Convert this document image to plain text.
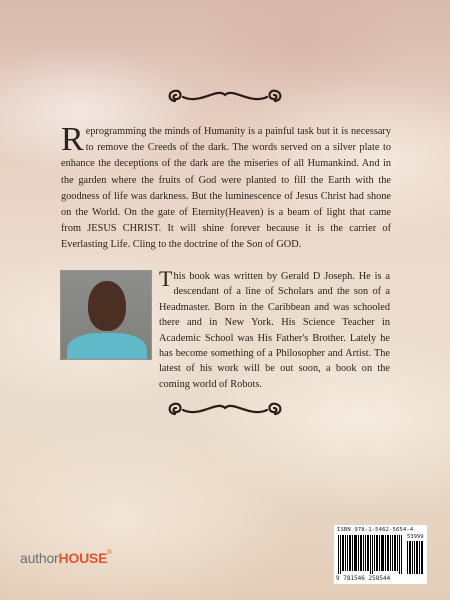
Reprogramming the minds of Humanity is a painful task but it is necessary to remove the Creeds of the dark. The words served on a silver plate to enhance the deceptions of the dark are the miseries of all Humankind. And in the garden where the fruits of God were planted to fill the Earth with the goodness of life was darkness. But the luminescence of Jesus Christ had shone on the World. On the gate of Eternity(Heaven) is a beam of light that came from JESUS CHRIST. It will shine forever because it is the carrier of Everlasting Life. Cling to the doctrine of the Son of GOD.
This book was written by Gerald D Joseph. He is a descendant of a line of Scholars and the son of a Headmaster. Born in the Caribbean and was schooled there and in New York. His Science Teacher in Academic School was His Father's Brother. Lately he has become something of a Philosopher and Artist. The latest of his work will be out soon, a book on the coming world of Robots.
ISBN 978-1-5462-5654-4
53999
9 781546 258544
authorHOUSE®
